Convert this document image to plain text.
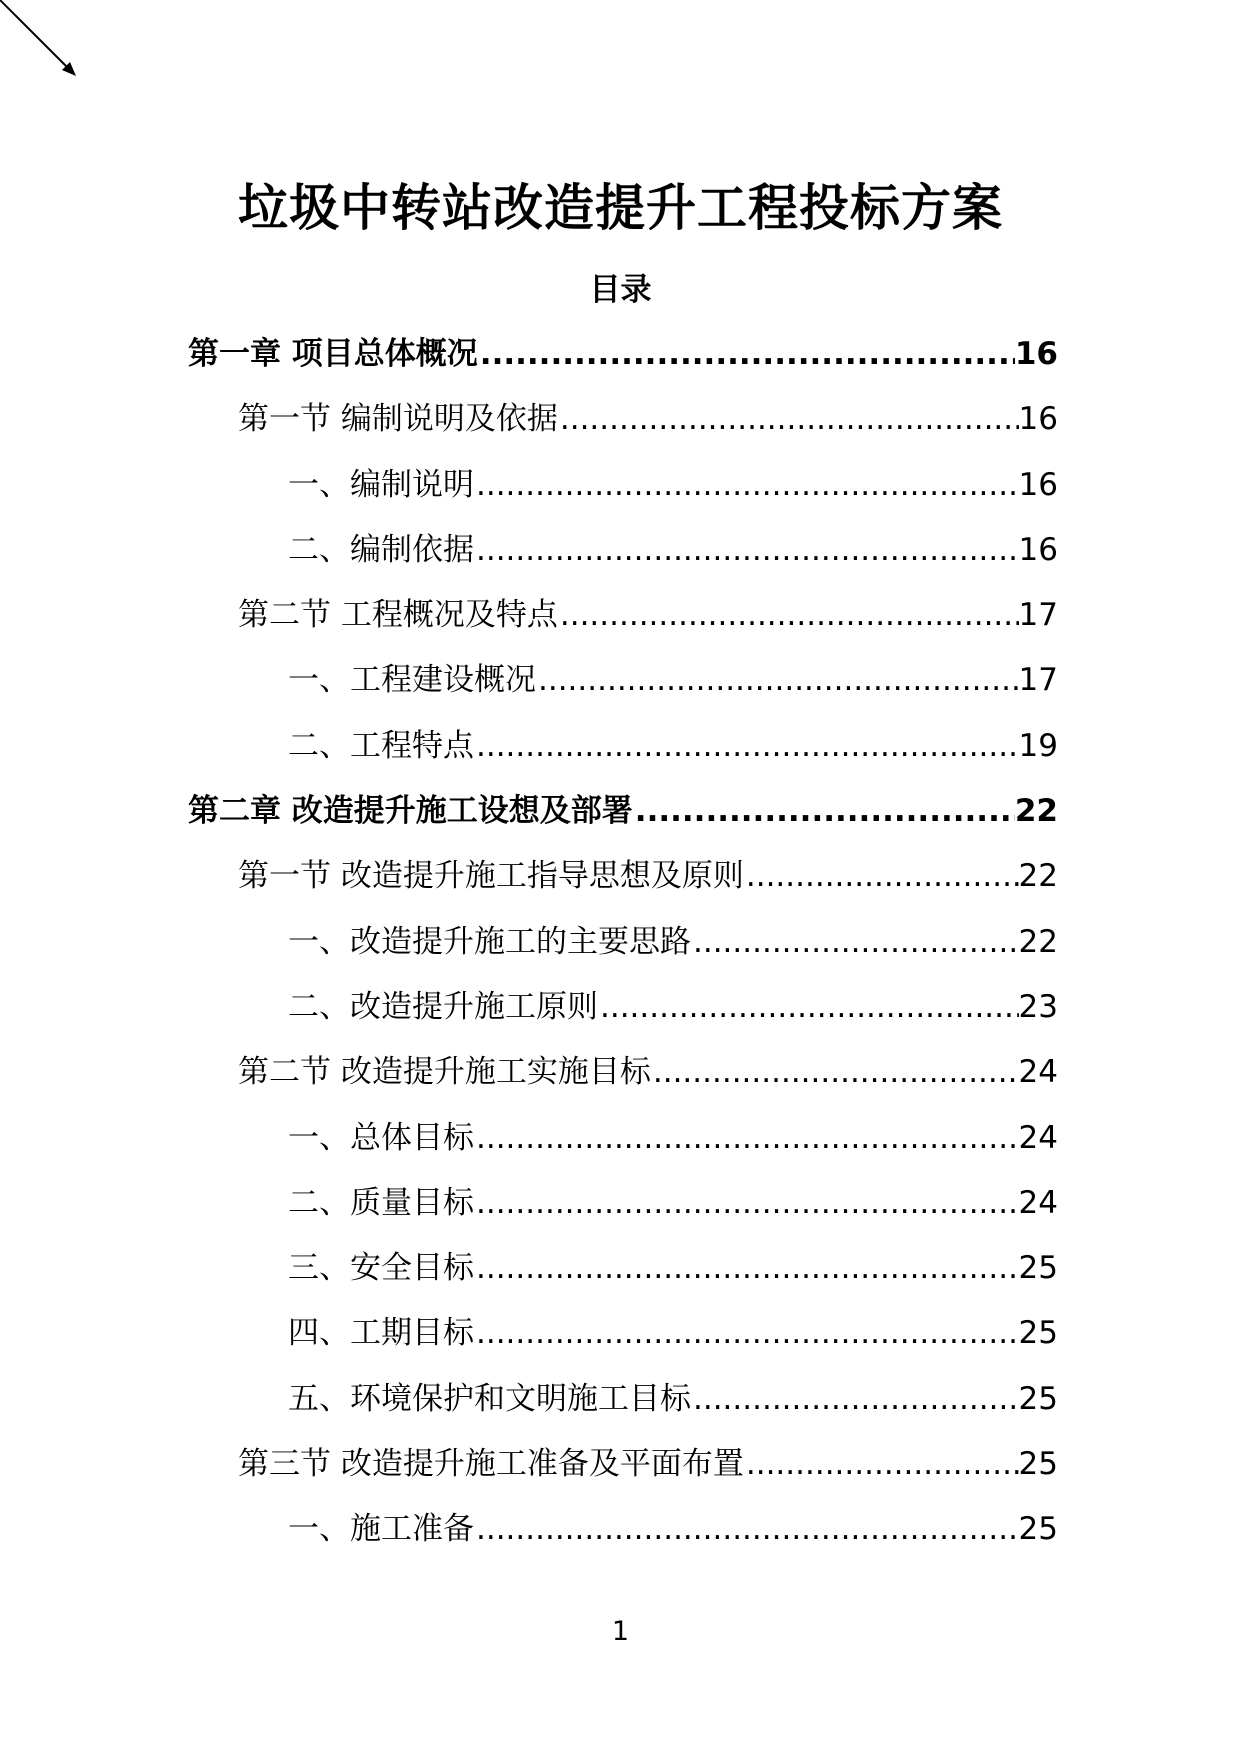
垃圾中转站改造提升工程投标方案
目录
第一章 项目总体概况 .....	16
第一节 编制说明及依据 .....	16
一、编制说明 .....	16
二、编制依据 .....	16
第二节 工程概况及特点 .....	17
一、工程建设概况 .....	17
二、工程特点 .....	19
第二章 改造提升施工设想及部署 .....	22
第一节 改造提升施工指导思想及原则 .....	22
一、改造提升施工的主要思路 .....	22
二、改造提升施工原则 .....	23
第二节 改造提升施工实施目标 .....	24
一、总体目标 .....	24
二、质量目标 .....	24
三、安全目标 .....	25
四、工期目标 .....	25
五、环境保护和文明施工目标 .....	25
第三节 改造提升施工准备及平面布置 .....	25
一、施工准备 .....	25
1
